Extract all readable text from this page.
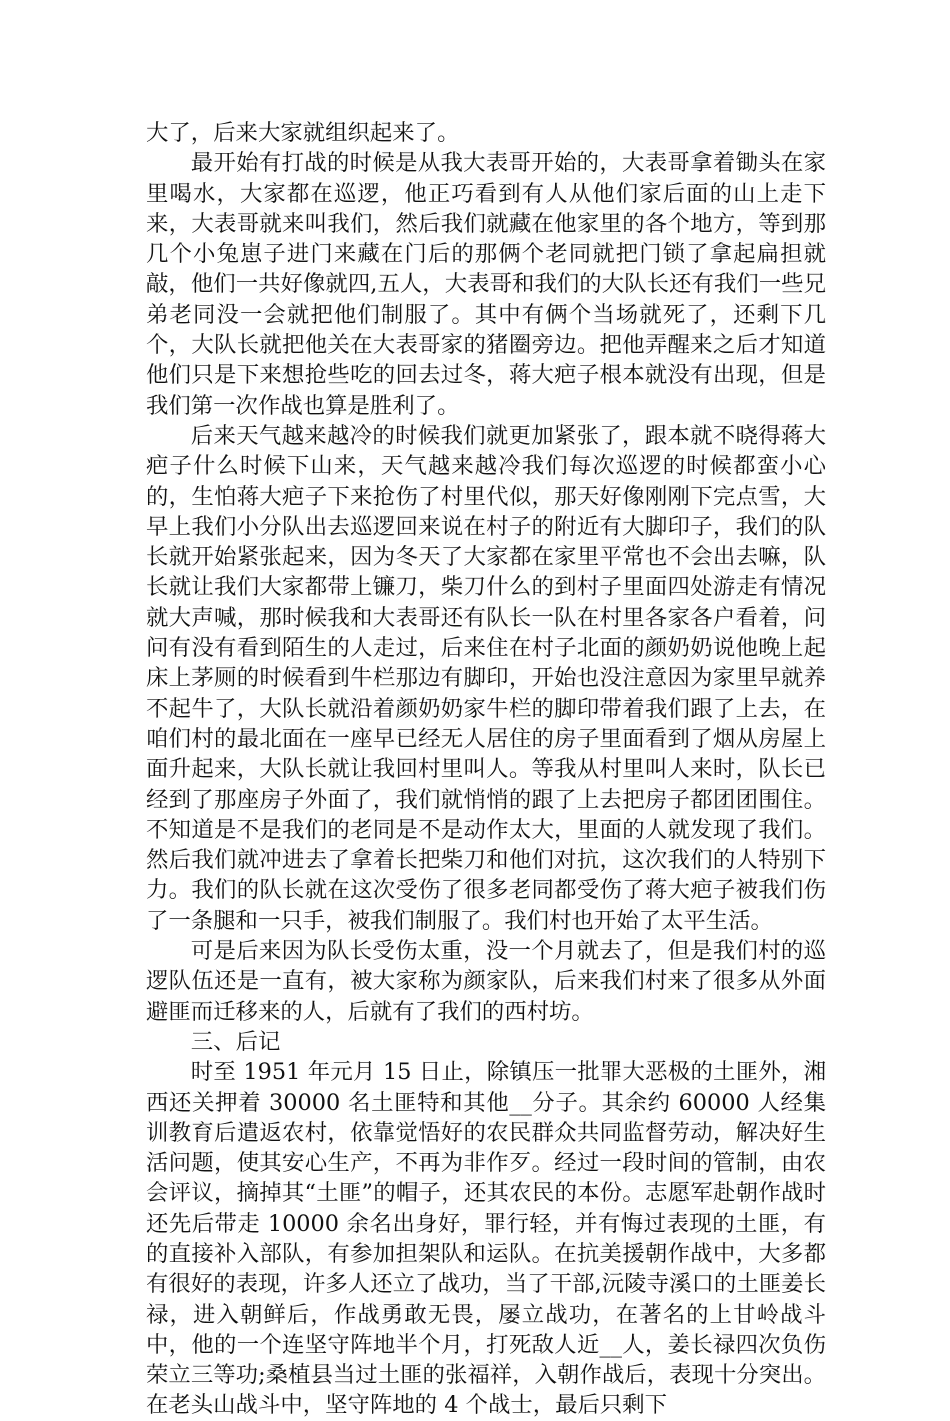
大了，后来大家就组织起来了。

最开始有打战的时候是从我大表哥开始的，大表哥拿着锄头在家里喝水，大家都在巡逻，他正巧看到有人从他们家后面的山上走下来，大表哥就来叫我们，然后我们就藏在他家里的各个地方，等到那几个小兔崽子进门来藏在门后的那俩个老同就把门锁了拿起扁担就敲，他们一共好像就四,五人，大表哥和我们的大队长还有我们一些兄弟老同没一会就把他们制服了。其中有俩个当场就死了，还剩下几个，大队长就把他关在大表哥家的猪圈旁边。把他弄醒来之后才知道他们只是下来想抢些吃的回去过冬，蒋大疤子根本就没有出现，但是我们第一次作战也算是胜利了。

后来天气越来越冷的时候我们就更加紧张了，跟本就不晓得蒋大疤子什么时候下山来，天气越来越冷我们每次巡逻的时候都蛮小心的，生怕蒋大疤子下来抢伤了村里代似，那天好像刚刚下完点雪，大早上我们小分队出去巡逻回来说在村子的附近有大脚印子，我们的队长就开始紧张起来，因为冬天了大家都在家里平常也不会出去嘛，队长就让我们大家都带上镰刀，柴刀什么的到村子里面四处游走有情况就大声喊，那时候我和大表哥还有队长一队在村里各家各户看着，问问有没有看到陌生的人走过，后来住在村子北面的颜奶奶说他晚上起床上茅厕的时候看到牛栏那边有脚印，开始也没注意因为家里早就养不起牛了，大队长就沿着颜奶奶家牛栏的脚印带着我们跟了上去，在咱们村的最北面在一座早已经无人居住的房子里面看到了烟从房屋上面升起来，大队长就让我回村里叫人。等我从村里叫人来时，队长已经到了那座房子外面了，我们就悄悄的跟了上去把房子都团团围住。不知道是不是我们的老同是不是动作太大，里面的人就发现了我们。然后我们就冲进去了拿着长把柴刀和他们对抗，这次我们的人特别下力。我们的队长就在这次受伤了很多老同都受伤了蒋大疤子被我们伤了一条腿和一只手，被我们制服了。我们村也开始了太平生活。

可是后来因为队长受伤太重，没一个月就去了，但是我们村的巡逻队伍还是一直有，被大家称为颜家队，后来我们村来了很多从外面避匪而迁移来的人，后就有了我们的西村坊。

三、后记

时至 1951 年元月 15 日止，除镇压一批罪大恶极的土匪外，湘西还关押着 30000 名土匪特和其他__分子。其余约 60000 人经集训教育后遣返农村，依靠觉悟好的农民群众共同监督劳动，解决好生活问题，使其安心生产，不再为非作歹。经过一段时间的管制，由农会评议，摘掉其“土匪”的帽子，还其农民的本份。志愿军赴朝作战时还先后带走 10000 余名出身好，罪行轻，并有悔过表现的土匪，有的直接补入部队，有参加担架队和运队。在抗美援朝作战中，大多都有很好的表现，许多人还立了战功，当了干部,沅陵寺溪口的土匪姜长禄，进入朝鲜后，作战勇敢无畏，屡立战功，在著名的上甘岭战斗中，他的一个连坚守阵地半个月，打死敌人近__人，姜长禄四次负伤荣立三等功;桑植县当过土匪的张福祥，入朝作战后，表现十分突出。在老头山战斗中，坚守阵地的 4 个战士，最后只剩下
